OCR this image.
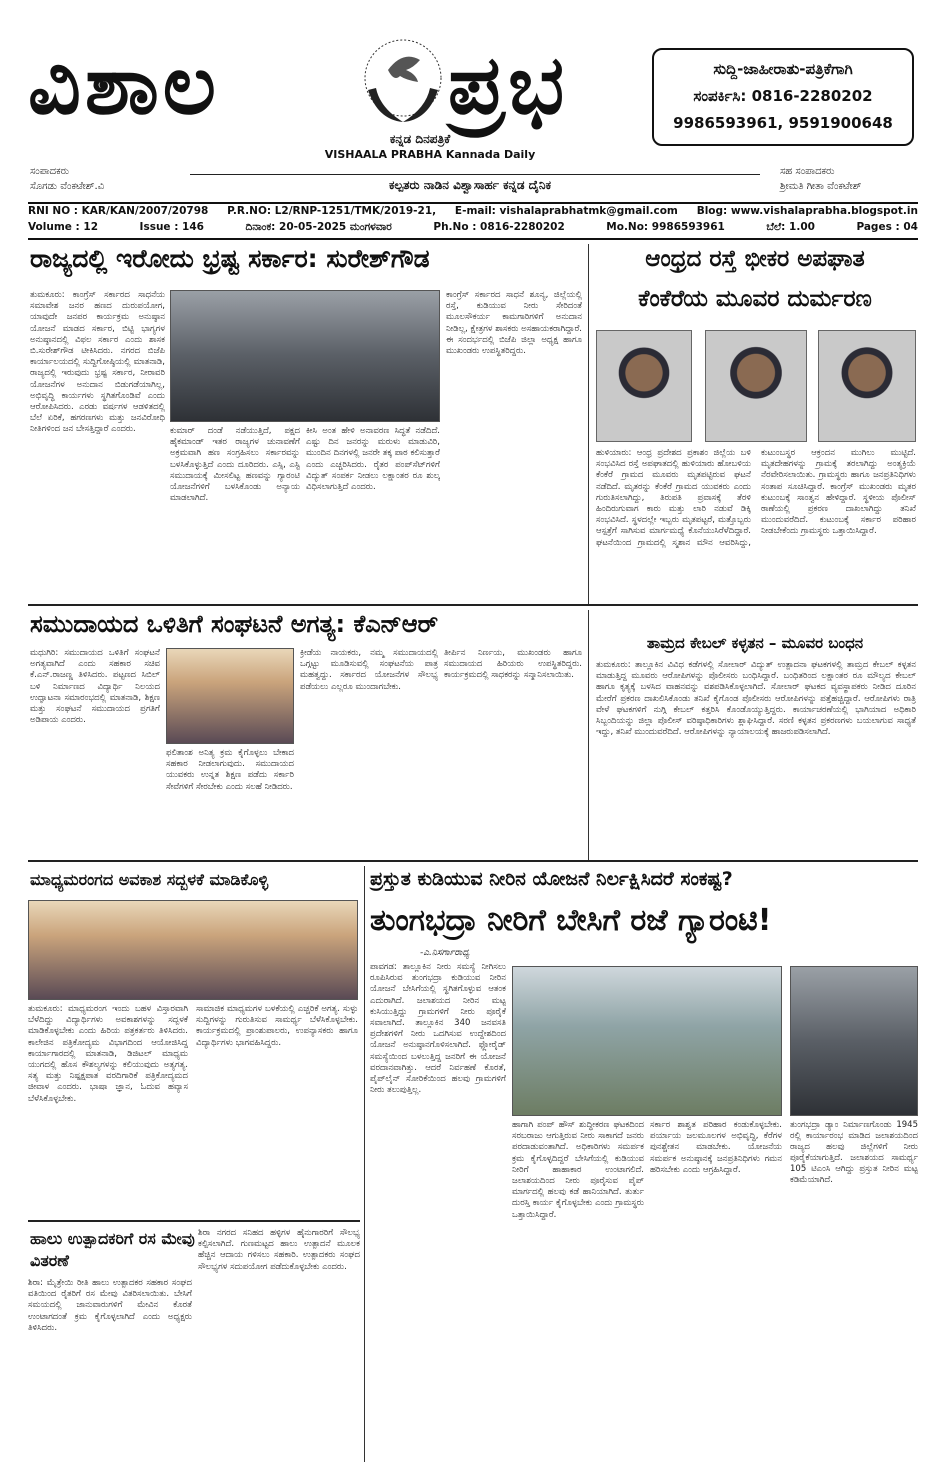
ವಿಶಾಲ	ಪ್ರಭ
ಕನ್ನಡ ದಿನಪತ್ರಿಕೆ
VISHAALA PRABHA Kannada Daily
ಸುದ್ದಿ-ಜಾಹೀರಾತು-ಪತ್ರಿಕೆಗಾಗಿ
ಸಂಪರ್ಕಿಸಿ: 0816-2280202
9986593961, 9591900648
ಸಂಪಾದಕರು
ಸೊಗಡು ವೆಂಕಟೇಶ್.ವಿ
ಸಹ ಸಂಪಾದಕರು
ಶ್ರೀಮತಿ ಗೀತಾ ವೆಂಕಟೇಶ್
ಕಲ್ಪತರು ನಾಡಿನ ವಿಶ್ವಾಸಾರ್ಹ ಕನ್ನಡ ದೈನಿಕ
RNI NO : KAR/KAN/2007/20798 P.R.NO: L2/RNP-1251/TMK/2019-21, E-mail: vishalaprabhatmk@gmail.com Blog: www.vishalaprabha.blogspot.in
Volume : 12	Issue : 146	ದಿನಾಂಕ: 20-05-2025 ಮಂಗಳವಾರ	Ph.No : 0816-2280202	Mo.No: 9986593961	ಬೆಲೆ: 1.00	Pages : 04
ರಾಜ್ಯದಲ್ಲಿ ಇರೋದು ಭ್ರಷ್ಟ ಸರ್ಕಾರ: ಸುರೇಶ್‌ಗೌಡ
ತುಮಕೂರು: ಕಾಂಗ್ರೆಸ್ ಸರ್ಕಾರದ ಸಾಧನೆಯ ಸಮಾವೇಶ ಜನರ ಹಣದ ದುರುಪಯೋಗ, ಯಾವುದೇ ಜನಪರ ಕಾರ್ಯಕ್ರಮ ಅನುಷ್ಠಾನ ಯೋಜನೆ ಮಾಡದ ಸರ್ಕಾರ, ಬಿಟ್ಟಿ ಭಾಗ್ಯಗಳ ಅನುಷ್ಠಾನದಲ್ಲಿ ವಿಫಲ ಸರ್ಕಾರ ಎಂದು ಶಾಸಕ ಬಿ.ಸುರೇಶ್‌ಗೌಡ ಟೀಕಿಸಿದರು. ನಗರದ ಬಿಜೆಪಿ ಕಾರ್ಯಾಲಯದಲ್ಲಿ ಸುದ್ದಿಗೋಷ್ಠಿಯಲ್ಲಿ ಮಾತನಾಡಿ, ರಾಜ್ಯದಲ್ಲಿ ಇರುವುದು ಭ್ರಷ್ಟ ಸರ್ಕಾರ, ನೀರಾವರಿ ಯೋಜನೆಗಳ ಅನುದಾನ ಬಿಡುಗಡೆಯಾಗಿಲ್ಲ, ಅಭಿವೃದ್ಧಿ ಕಾರ್ಯಗಳು ಸ್ಥಗಿತಗೊಂಡಿವೆ ಎಂದು ಆರೋಪಿಸಿದರು. ಎರಡು ವರ್ಷಗಳ ಆಡಳಿತದಲ್ಲಿ ಬೆಲೆ ಏರಿಕೆ, ಹಗರಣಗಳು ಮತ್ತು ಜನವಿರೋಧಿ ನೀತಿಗಳಿಂದ ಜನ ಬೇಸತ್ತಿದ್ದಾರೆ ಎಂದರು.	ಕುಮಾರ್ ದಂಡೆ ನಡೆಯುತ್ತಿದೆ, ಪಕ್ಷದ ಹೈಕಮಾಂಡ್ ಇತರ ರಾಜ್ಯಗಳ ಚುನಾವಣೆಗೆ ಅಕ್ರಮವಾಗಿ ಹಣ ಸಂಗ್ರಹಿಸಲು ಸರ್ಕಾರವನ್ನು ಬಳಸಿಕೊಳ್ಳುತ್ತಿದೆ ಎಂದು ದೂರಿದರು. ಎಸ್ಸಿ, ಎಸ್ಟಿ ಸಮುದಾಯಕ್ಕೆ ಮೀಸಲಿಟ್ಟ ಹಣವನ್ನು ಗ್ಯಾರಂಟಿ ಯೋಜನೆಗಳಿಗೆ ಬಳಸಿಕೊಂಡು ಅನ್ಯಾಯ ಮಾಡಲಾಗಿದೆ.
ಕೀಸಿ ಅಂತ ಹೇಳಿ ಅನಾವರಣ ಸಿದ್ಧತೆ ನಡೆದಿದೆ. ಎಷ್ಟು ದಿನ ಜನರನ್ನು ಮರುಳು ಮಾಡುವಿರಿ, ಮುಂದಿನ ದಿನಗಳಲ್ಲಿ ಜನರೇ ತಕ್ಕ ಪಾಠ ಕಲಿಸುತ್ತಾರೆ ಎಂದು ಎಚ್ಚರಿಸಿದರು. ರೈತರ ಪಂಪ್‌ಸೆಟ್‌ಗಳಿಗೆ ವಿದ್ಯುತ್ ಸಂಪರ್ಕ ನೀಡಲು ಲಕ್ಷಾಂತರ ರೂ ಶುಲ್ಕ ವಿಧಿಸಲಾಗುತ್ತಿದೆ ಎಂದರು.
ಕಾಂಗ್ರೆಸ್ ಸರ್ಕಾರದ ಸಾಧನೆ ಶೂನ್ಯ, ಜಿಲ್ಲೆಯಲ್ಲಿ ರಸ್ತೆ, ಕುಡಿಯುವ ನೀರು ಸೇರಿದಂತೆ ಮೂಲಸೌಕರ್ಯ ಕಾಮಗಾರಿಗಳಿಗೆ ಅನುದಾನ ನೀಡಿಲ್ಲ, ಕ್ಷೇತ್ರಗಳ ಶಾಸಕರು ಅಸಹಾಯಕರಾಗಿದ್ದಾರೆ. ಈ ಸಂದರ್ಭದಲ್ಲಿ ಬಿಜೆಪಿ ಜಿಲ್ಲಾ ಅಧ್ಯಕ್ಷ ಹಾಗೂ ಮುಖಂಡರು ಉಪಸ್ಥಿತರಿದ್ದರು.
ಆಂಧ್ರದ ರಸ್ತೆ ಭೀಕರ ಅಪಘಾತ
ಕೆಂಕೆರೆಯ ಮೂವರ ದುರ್ಮರಣ
ಹುಳಿಯಾರು: ಆಂಧ್ರ ಪ್ರದೇಶದ ಪ್ರಕಾಶಂ ಜಿಲ್ಲೆಯ ಬಳಿ ಸಂಭವಿಸಿದ ರಸ್ತೆ ಅಪಘಾತದಲ್ಲಿ ಹುಳಿಯಾರು ಹೋಬಳಿಯ ಕೆಂಕೆರೆ ಗ್ರಾಮದ ಮೂವರು ಮೃತಪಟ್ಟಿರುವ ಘಟನೆ ನಡೆದಿದೆ. ಮೃತರನ್ನು ಕೆಂಕೆರೆ ಗ್ರಾಮದ ಯುವಕರು ಎಂದು ಗುರುತಿಸಲಾಗಿದ್ದು, ತಿರುಪತಿ ಪ್ರವಾಸಕ್ಕೆ ತೆರಳಿ ಹಿಂದಿರುಗುವಾಗ ಕಾರು ಮತ್ತು ಲಾರಿ ನಡುವೆ ಡಿಕ್ಕಿ ಸಂಭವಿಸಿದೆ. ಸ್ಥಳದಲ್ಲೇ ಇಬ್ಬರು ಮೃತಪಟ್ಟರೆ, ಮತ್ತೊಬ್ಬರು ಆಸ್ಪತ್ರೆಗೆ ಸಾಗಿಸುವ ಮಾರ್ಗಮಧ್ಯೆ ಕೊನೆಯುಸಿರೆಳೆದಿದ್ದಾರೆ. ಘಟನೆಯಿಂದ ಗ್ರಾಮದಲ್ಲಿ ಸ್ಮಶಾನ ಮೌನ ಆವರಿಸಿದ್ದು, ಕುಟುಂಬಸ್ಥರ ಆಕ್ರಂದನ ಮುಗಿಲು ಮುಟ್ಟಿದೆ. ಮೃತದೇಹಗಳನ್ನು ಗ್ರಾಮಕ್ಕೆ ತರಲಾಗಿದ್ದು ಅಂತ್ಯಕ್ರಿಯೆ ನೆರವೇರಿಸಲಾಯಿತು. ಗ್ರಾಮಸ್ಥರು ಹಾಗೂ ಜನಪ್ರತಿನಿಧಿಗಳು ಸಂತಾಪ ಸೂಚಿಸಿದ್ದಾರೆ. ಕಾಂಗ್ರೆಸ್ ಮುಖಂಡರು ಮೃತರ ಕುಟುಂಬಕ್ಕೆ ಸಾಂತ್ವನ ಹೇಳಿದ್ದಾರೆ. ಸ್ಥಳೀಯ ಪೊಲೀಸ್ ಠಾಣೆಯಲ್ಲಿ ಪ್ರಕರಣ ದಾಖಲಾಗಿದ್ದು ತನಿಖೆ ಮುಂದುವರೆದಿದೆ. ಕುಟುಂಬಕ್ಕೆ ಸರ್ಕಾರ ಪರಿಹಾರ ನೀಡಬೇಕೆಂದು ಗ್ರಾಮಸ್ಥರು ಒತ್ತಾಯಿಸಿದ್ದಾರೆ.
ಸಮುದಾಯದ ಒಳಿತಿಗೆ ಸಂಘಟನೆ ಅಗತ್ಯ: ಕೆಎನ್‌ಆರ್
ಮಧುಗಿರಿ: ಸಮುದಾಯದ ಒಳಿತಿಗೆ ಸಂಘಟನೆ ಅಗತ್ಯವಾಗಿದೆ ಎಂದು ಸಹಕಾರ ಸಚಿವ ಕೆ.ಎನ್.ರಾಜಣ್ಣ ತಿಳಿಸಿದರು. ಪಟ್ಟಣದ ಸಿಬಿಲ್ ಬಳಿ ನಿರ್ಮಾಣದ ವಿದ್ಯಾರ್ಥಿ ನಿಲಯದ ಉದ್ಘಾಟನಾ ಸಮಾರಂಭದಲ್ಲಿ ಮಾತನಾಡಿ, ಶಿಕ್ಷಣ ಮತ್ತು ಸಂಘಟನೆ ಸಮುದಾಯದ ಪ್ರಗತಿಗೆ ಅಡಿಪಾಯ ಎಂದರು.
ಫಲಿತಾಂಶ ಅನಿತ್ಯ ಕ್ರಮ ಕೈಗೊಳ್ಳಲು ಬೇಕಾದ ಸಹಕಾರ ನೀಡಲಾಗುವುದು. ಸಮುದಾಯದ ಯುವಕರು ಉನ್ನತ ಶಿಕ್ಷಣ ಪಡೆದು ಸರ್ಕಾರಿ ಸೇವೆಗಳಿಗೆ ಸೇರಬೇಕು ಎಂದು ಸಲಹೆ ನೀಡಿದರು.
ಕ್ರೀಡೆಯ ನಾಯಕರು, ನಮ್ಮ ಸಮುದಾಯದಲ್ಲಿ ಒಗ್ಗಟ್ಟು ಮೂಡಿಸುವಲ್ಲಿ ಸಂಘಟನೆಯ ಪಾತ್ರ ಮಹತ್ವದ್ದು. ಸರ್ಕಾರದ ಯೋಜನೆಗಳ ಸೌಲಭ್ಯ ಪಡೆಯಲು ಎಲ್ಲರೂ ಮುಂದಾಗಬೇಕು.
ತೀರ್ಪಿನ ನಿರ್ಣಯ, ಮುಖಂಡರು ಹಾಗೂ ಸಮುದಾಯದ ಹಿರಿಯರು ಉಪಸ್ಥಿತರಿದ್ದರು. ಕಾರ್ಯಕ್ರಮದಲ್ಲಿ ಸಾಧಕರನ್ನು ಸನ್ಮಾನಿಸಲಾಯಿತು.
ತಾಮ್ರದ ಕೇಬಲ್ ಕಳ್ಳತನ – ಮೂವರ ಬಂಧನ
ತುಮಕೂರು: ತಾಲ್ಲೂಕಿನ ವಿವಿಧ ಕಡೆಗಳಲ್ಲಿ ಸೋಲಾರ್ ವಿದ್ಯುತ್ ಉತ್ಪಾದನಾ ಘಟಕಗಳಲ್ಲಿ ತಾಮ್ರದ ಕೇಬಲ್ ಕಳ್ಳತನ ಮಾಡುತ್ತಿದ್ದ ಮೂವರು ಆರೋಪಿಗಳನ್ನು ಪೊಲೀಸರು ಬಂಧಿಸಿದ್ದಾರೆ. ಬಂಧಿತರಿಂದ ಲಕ್ಷಾಂತರ ರೂ ಮೌಲ್ಯದ ಕೇಬಲ್ ಹಾಗೂ ಕೃತ್ಯಕ್ಕೆ ಬಳಸಿದ ವಾಹನವನ್ನು ವಶಪಡಿಸಿಕೊಳ್ಳಲಾಗಿದೆ. ಸೋಲಾರ್ ಘಟಕದ ವ್ಯವಸ್ಥಾಪಕರು ನೀಡಿದ ದೂರಿನ ಮೇರೆಗೆ ಪ್ರಕರಣ ದಾಖಲಿಸಿಕೊಂಡು ತನಿಖೆ ಕೈಗೊಂಡ ಪೊಲೀಸರು ಆರೋಪಿಗಳನ್ನು ಪತ್ತೆಹಚ್ಚಿದ್ದಾರೆ. ಆರೋಪಿಗಳು ರಾತ್ರಿ ವೇಳೆ ಘಟಕಗಳಿಗೆ ನುಗ್ಗಿ ಕೇಬಲ್ ಕತ್ತರಿಸಿ ಕೊಂಡೊಯ್ಯುತ್ತಿದ್ದರು. ಕಾರ್ಯಾಚರಣೆಯಲ್ಲಿ ಭಾಗಿಯಾದ ಅಧಿಕಾರಿ ಸಿಬ್ಬಂದಿಯನ್ನು ಜಿಲ್ಲಾ ಪೊಲೀಸ್ ವರಿಷ್ಠಾಧಿಕಾರಿಗಳು ಶ್ಲಾಘಿಸಿದ್ದಾರೆ. ಸರಣಿ ಕಳ್ಳತನ ಪ್ರಕರಣಗಳು ಬಯಲಾಗುವ ಸಾಧ್ಯತೆ ಇದ್ದು, ತನಿಖೆ ಮುಂದುವರೆದಿದೆ. ಆರೋಪಿಗಳನ್ನು ನ್ಯಾಯಾಲಯಕ್ಕೆ ಹಾಜರುಪಡಿಸಲಾಗಿದೆ.
ಮಾಧ್ಯಮರಂಗದ ಅವಕಾಶ ಸದ್ಬಳಕೆ ಮಾಡಿಕೊಳ್ಳಿ
ತುಮಕೂರು: ಮಾಧ್ಯಮರಂಗ ಇಂದು ಬಹಳ ವಿಸ್ತಾರವಾಗಿ ಬೆಳೆದಿದ್ದು ವಿದ್ಯಾರ್ಥಿಗಳು ಅವಕಾಶಗಳನ್ನು ಸದ್ಬಳಕೆ ಮಾಡಿಕೊಳ್ಳಬೇಕು ಎಂದು ಹಿರಿಯ ಪತ್ರಕರ್ತರು ತಿಳಿಸಿದರು. ಕಾಲೇಜಿನ ಪತ್ರಿಕೋದ್ಯಮ ವಿಭಾಗದಿಂದ ಆಯೋಜಿಸಿದ್ದ ಕಾರ್ಯಾಗಾರದಲ್ಲಿ ಮಾತನಾಡಿ, ಡಿಜಿಟಲ್ ಮಾಧ್ಯಮ ಯುಗದಲ್ಲಿ ಹೊಸ ಕೌಶಲ್ಯಗಳನ್ನು ಕಲಿಯುವುದು ಅತ್ಯಗತ್ಯ. ಸತ್ಯ ಮತ್ತು ನಿಷ್ಪಕ್ಷಪಾತ ವರದಿಗಾರಿಕೆ ಪತ್ರಿಕೋದ್ಯಮದ ಜೀವಾಳ ಎಂದರು. ಭಾಷಾ ಜ್ಞಾನ, ಓದುವ ಹವ್ಯಾಸ ಬೆಳೆಸಿಕೊಳ್ಳಬೇಕು.
ಸಾಮಾಜಿಕ ಮಾಧ್ಯಮಗಳ ಬಳಕೆಯಲ್ಲಿ ಎಚ್ಚರಿಕೆ ಅಗತ್ಯ. ಸುಳ್ಳು ಸುದ್ದಿಗಳನ್ನು ಗುರುತಿಸುವ ಸಾಮರ್ಥ್ಯ ಬೆಳೆಸಿಕೊಳ್ಳಬೇಕು. ಕಾರ್ಯಕ್ರಮದಲ್ಲಿ ಪ್ರಾಂಶುಪಾಲರು, ಉಪನ್ಯಾಸಕರು ಹಾಗೂ ವಿದ್ಯಾರ್ಥಿಗಳು ಭಾಗವಹಿಸಿದ್ದರು.
ಹಾಲು ಉತ್ಪಾದಕರಿಗೆ ರಸ ಮೇವು ವಿತರಣೆ
ಶಿರಾ: ಮೈತ್ರೇಯಿ ರೀತಿ ಹಾಲು ಉತ್ಪಾದಕರ ಸಹಕಾರ ಸಂಘದ ವತಿಯಿಂದ ರೈತರಿಗೆ ರಸ ಮೇವು ವಿತರಿಸಲಾಯಿತು. ಬೇಸಿಗೆ ಸಮಯದಲ್ಲಿ ಜಾನುವಾರುಗಳಿಗೆ ಮೇವಿನ ಕೊರತೆ ಉಂಟಾಗದಂತೆ ಕ್ರಮ ಕೈಗೊಳ್ಳಲಾಗಿದೆ ಎಂದು ಅಧ್ಯಕ್ಷರು ತಿಳಿಸಿದರು.
ಶಿರಾ ನಗರದ ಸನಿಹದ ಹಳ್ಳಿಗಳ ಹೈನುಗಾರರಿಗೆ ಸೌಲಭ್ಯ ಕಲ್ಪಿಸಲಾಗಿದೆ. ಗುಣಮಟ್ಟದ ಹಾಲು ಉತ್ಪಾದನೆ ಮೂಲಕ ಹೆಚ್ಚಿನ ಆದಾಯ ಗಳಿಸಲು ಸಹಕಾರಿ. ಉತ್ಪಾದಕರು ಸಂಘದ ಸೌಲಭ್ಯಗಳ ಸದುಪಯೋಗ ಪಡೆದುಕೊಳ್ಳಬೇಕು ಎಂದರು.
ಪ್ರಸ್ತುತ ಕುಡಿಯುವ ನೀರಿನ ಯೋಜನೆ ನಿರ್ಲಕ್ಷಿಸಿದರೆ ಸಂಕಷ್ಟ?
ತುಂಗಭದ್ರಾ ನೀರಿಗೆ ಬೇಸಿಗೆ ರಜೆ ಗ್ಯಾರಂಟಿ!
-ಎ.ನಿಸರ್ಗಾರಾಧ್ಯ
ಪಾವಗಡ: ತಾಲ್ಲೂಕಿನ ನೀರು ಸಮಸ್ಯೆ ನೀಗಿಸಲು ರೂಪಿಸಿರುವ ತುಂಗಭದ್ರಾ ಕುಡಿಯುವ ನೀರಿನ ಯೋಜನೆ ಬೇಸಿಗೆಯಲ್ಲಿ ಸ್ಥಗಿತಗೊಳ್ಳುವ ಆತಂಕ ಎದುರಾಗಿದೆ. ಜಲಾಶಯದ ನೀರಿನ ಮಟ್ಟ ಕುಸಿಯುತ್ತಿದ್ದು ಗ್ರಾಮಗಳಿಗೆ ನೀರು ಪೂರೈಕೆ ಸವಾಲಾಗಿದೆ. ತಾಲ್ಲೂಕಿನ 340 ಜನವಸತಿ ಪ್ರದೇಶಗಳಿಗೆ ನೀರು ಒದಗಿಸುವ ಉದ್ದೇಶದಿಂದ ಯೋಜನೆ ಅನುಷ್ಠಾನಗೊಳಿಸಲಾಗಿದೆ. ಫ್ಲೋರೈಡ್ ಸಮಸ್ಯೆಯಿಂದ ಬಳಲುತ್ತಿದ್ದ ಜನರಿಗೆ ಈ ಯೋಜನೆ ವರದಾನವಾಗಿತ್ತು. ಆದರೆ ನಿರ್ವಹಣೆ ಕೊರತೆ, ಪೈಪ್‌ಲೈನ್ ಸೋರಿಕೆಯಿಂದ ಹಲವು ಗ್ರಾಮಗಳಿಗೆ ನೀರು ತಲುಪುತ್ತಿಲ್ಲ.
ಹಾಗಾಗಿ ಪಂಪ್ ಹೌಸ್ ಶುದ್ಧೀಕರಣ ಘಟಕದಿಂದ ಸರಬರಾಜು ಆಗುತ್ತಿರುವ ನೀರು ಸಾಕಾಗದೆ ಜನರು ಪರದಾಡುವಂತಾಗಿದೆ. ಅಧಿಕಾರಿಗಳು ಸಮರ್ಪಕ ಕ್ರಮ ಕೈಗೊಳ್ಳದಿದ್ದರೆ ಬೇಸಿಗೆಯಲ್ಲಿ ಕುಡಿಯುವ ನೀರಿಗೆ ಹಾಹಾಕಾರ ಉಂಟಾಗಲಿದೆ. ಜಲಾಶಯದಿಂದ ನೀರು ಪೂರೈಸುವ ಪೈಪ್ ಮಾರ್ಗದಲ್ಲಿ ಹಲವು ಕಡೆ ಹಾನಿಯಾಗಿದೆ. ತುರ್ತು ದುರಸ್ತಿ ಕಾರ್ಯ ಕೈಗೊಳ್ಳಬೇಕು ಎಂದು ಗ್ರಾಮಸ್ಥರು ಒತ್ತಾಯಿಸಿದ್ದಾರೆ.
ಸರ್ಕಾರ ಶಾಶ್ವತ ಪರಿಹಾರ ಕಂಡುಕೊಳ್ಳಬೇಕು. ಪರ್ಯಾಯ ಜಲಮೂಲಗಳ ಅಭಿವೃದ್ಧಿ, ಕೆರೆಗಳ ಪುನಶ್ಚೇತನ ಮಾಡಬೇಕು. ಯೋಜನೆಯ ಸಮರ್ಪಕ ಅನುಷ್ಠಾನಕ್ಕೆ ಜನಪ್ರತಿನಿಧಿಗಳು ಗಮನ ಹರಿಸಬೇಕು ಎಂದು ಆಗ್ರಹಿಸಿದ್ದಾರೆ.
ತುಂಗಭದ್ರಾ ಡ್ಯಾಂ ನಿರ್ಮಾಣಗೊಂಡು 1945 ರಲ್ಲಿ ಕಾರ್ಯಾರಂಭ ಮಾಡಿದ ಜಲಾಶಯದಿಂದ ರಾಜ್ಯದ ಹಲವು ಜಿಲ್ಲೆಗಳಿಗೆ ನೀರು ಪೂರೈಕೆಯಾಗುತ್ತಿದೆ. ಜಲಾಶಯದ ಸಾಮರ್ಥ್ಯ 105 ಟಿಎಂಸಿ ಆಗಿದ್ದು ಪ್ರಸ್ತುತ ನೀರಿನ ಮಟ್ಟ ಕಡಿಮೆಯಾಗಿದೆ.
